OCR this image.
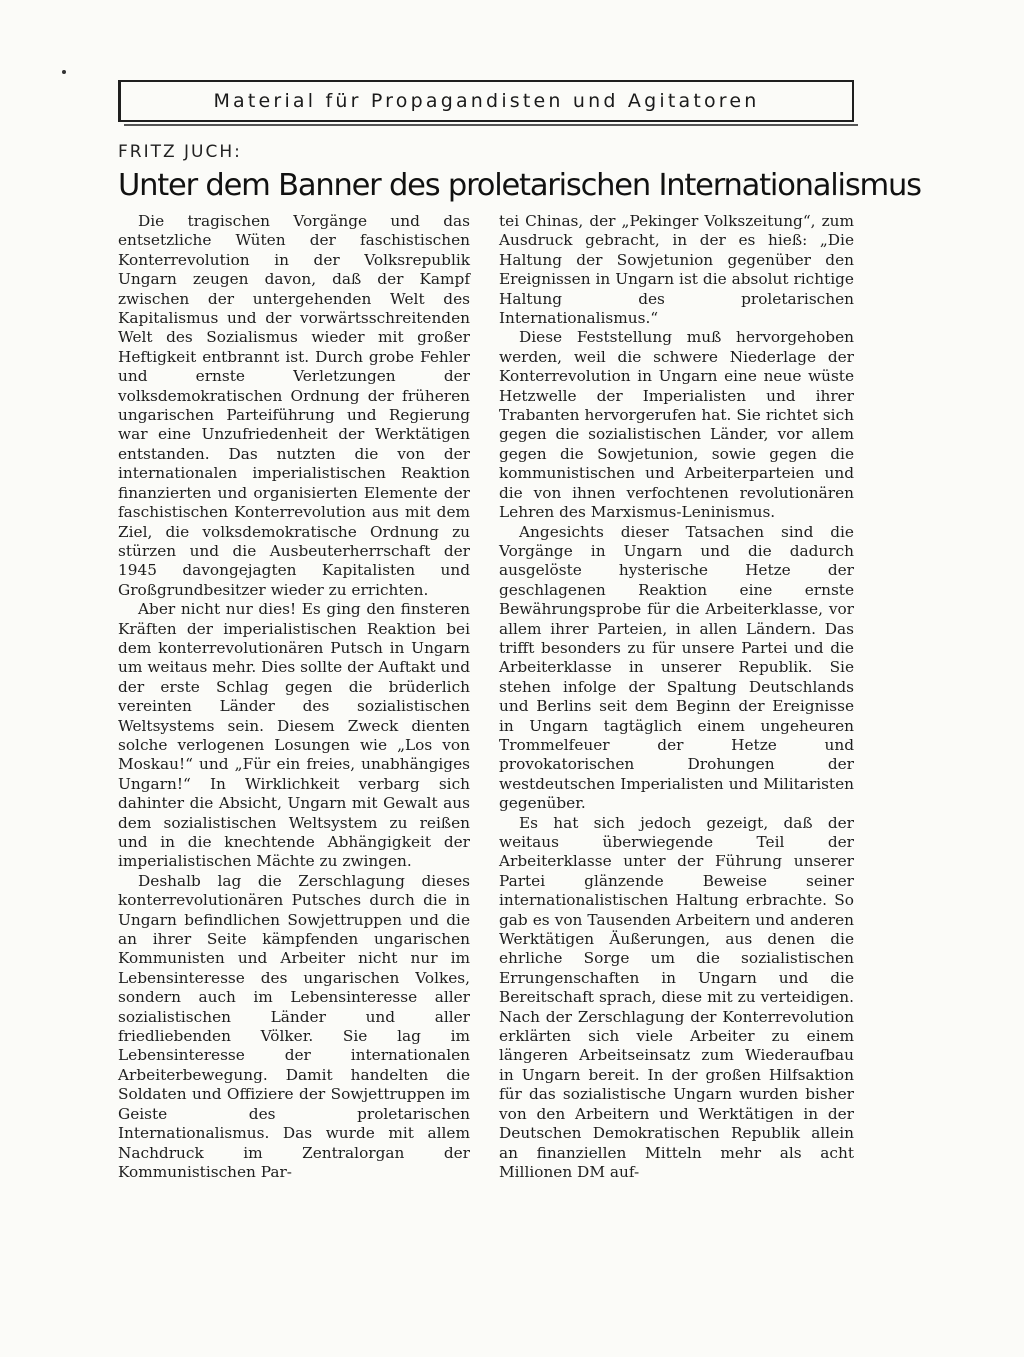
Material für Propagandisten und Agitatoren
FRITZ JUCH:
Unter dem Banner des proletarischen Internationalismus

Die tragischen Vorgänge und das entsetzliche Wüten der faschistischen Konterrevolution in der Volksrepublik Ungarn zeugen davon, daß der Kampf zwischen der untergehenden Welt des Kapitalismus und der vorwärtsschreitenden Welt des Sozialismus wieder mit großer Heftigkeit entbrannt ist. Durch grobe Fehler und ernste Verletzungen der volksdemokratischen Ordnung der früheren ungarischen Parteiführung und Regierung war eine Unzufriedenheit der Werktätigen entstanden. Das nutzten die von der internationalen imperialistischen Reaktion finanzierten und organisierten Elemente der faschistischen Konterrevolution aus mit dem Ziel, die volksdemokratische Ordnung zu stürzen und die Ausbeuterherrschaft der 1945 davongejagten Kapitalisten und Großgrundbesitzer wieder zu errichten.

Aber nicht nur dies! Es ging den finsteren Kräften der imperialistischen Reaktion bei dem konterrevolutionären Putsch in Ungarn um weitaus mehr. Dies sollte der Auftakt und der erste Schlag gegen die brüderlich vereinten Länder des sozialistischen Weltsystems sein. Diesem Zweck dienten solche verlogenen Losungen wie „Los von Moskau!“ und „Für ein freies, unabhängiges Ungarn!“ In Wirklichkeit verbarg sich dahinter die Absicht, Ungarn mit Gewalt aus dem sozialistischen Weltsystem zu reißen und in die knechtende Abhängigkeit der imperialistischen Mächte zu zwingen.

Deshalb lag die Zerschlagung dieses konterrevolutionären Putsches durch die in Ungarn befindlichen Sowjettruppen und die an ihrer Seite kämpfenden ungarischen Kommunisten und Arbeiter nicht nur im Lebensinteresse des ungarischen Volkes, sondern auch im Lebensinteresse aller sozialistischen Länder und aller friedliebenden Völker. Sie lag im Lebensinteresse der internationalen Arbeiterbewegung. Damit handelten die Soldaten und Offiziere der Sowjettruppen im Geiste des proletarischen Internationalismus. Das wurde mit allem Nachdruck im Zentralorgan der Kommunistischen Par-

tei Chinas, der „Pekinger Volkszeitung“, zum Ausdruck gebracht, in der es hieß: „Die Haltung der Sowjetunion gegenüber den Ereignissen in Ungarn ist die absolut richtige Haltung des proletarischen Internationalismus.“

Diese Feststellung muß hervorgehoben werden, weil die schwere Niederlage der Konterrevolution in Ungarn eine neue wüste Hetzwelle der Imperialisten und ihrer Trabanten hervorgerufen hat. Sie richtet sich gegen die sozialistischen Länder, vor allem gegen die Sowjetunion, sowie gegen die kommunistischen und Arbeiterparteien und die von ihnen verfochtenen revolutionären Lehren des Marxismus-Leninismus.

Angesichts dieser Tatsachen sind die Vorgänge in Ungarn und die dadurch ausgelöste hysterische Hetze der geschlagenen Reaktion eine ernste Bewährungsprobe für die Arbeiterklasse, vor allem ihrer Parteien, in allen Ländern. Das trifft besonders zu für unsere Partei und die Arbeiterklasse in unserer Republik. Sie stehen infolge der Spaltung Deutschlands und Berlins seit dem Beginn der Ereignisse in Ungarn tagtäglich einem ungeheuren Trommelfeuer der Hetze und provokatorischen Drohungen der westdeutschen Imperialisten und Militaristen gegenüber.

Es hat sich jedoch gezeigt, daß der weitaus überwiegende Teil der Arbeiterklasse unter der Führung unserer Partei glänzende Beweise seiner internationalistischen Haltung erbrachte. So gab es von Tausenden Arbeitern und anderen Werktätigen Äußerungen, aus denen die ehrliche Sorge um die sozialistischen Errungenschaften in Ungarn und die Bereitschaft sprach, diese mit zu verteidigen. Nach der Zerschlagung der Konterrevolution erklärten sich viele Arbeiter zu einem längeren Arbeitseinsatz zum Wiederaufbau in Ungarn bereit. In der großen Hilfsaktion für das sozialistische Ungarn wurden bisher von den Arbeitern und Werktätigen in der Deutschen Demokratischen Republik allein an finanziellen Mitteln mehr als acht Millionen DM auf-
